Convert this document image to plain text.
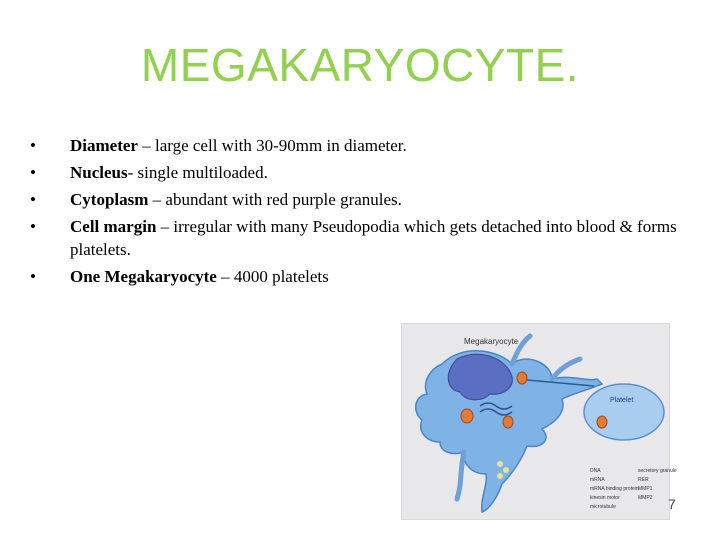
MEGAKARYOCYTE.
• Diameter – large cell with 30-90mm in diameter.
• Nucleus- single multiloaded.
• Cytoplasm – abundant with red purple granules.
• Cell margin – irregular with many Pseudopodia which gets detached into blood & forms platelets.
• One Megakaryocyte – 4000 platelets
Platelet
Megakaryocyte
DNA
mRNA
mRNA binding protein
kinesin motor
microtubule
secretory granule
RER
MMP1
MMP2 7
